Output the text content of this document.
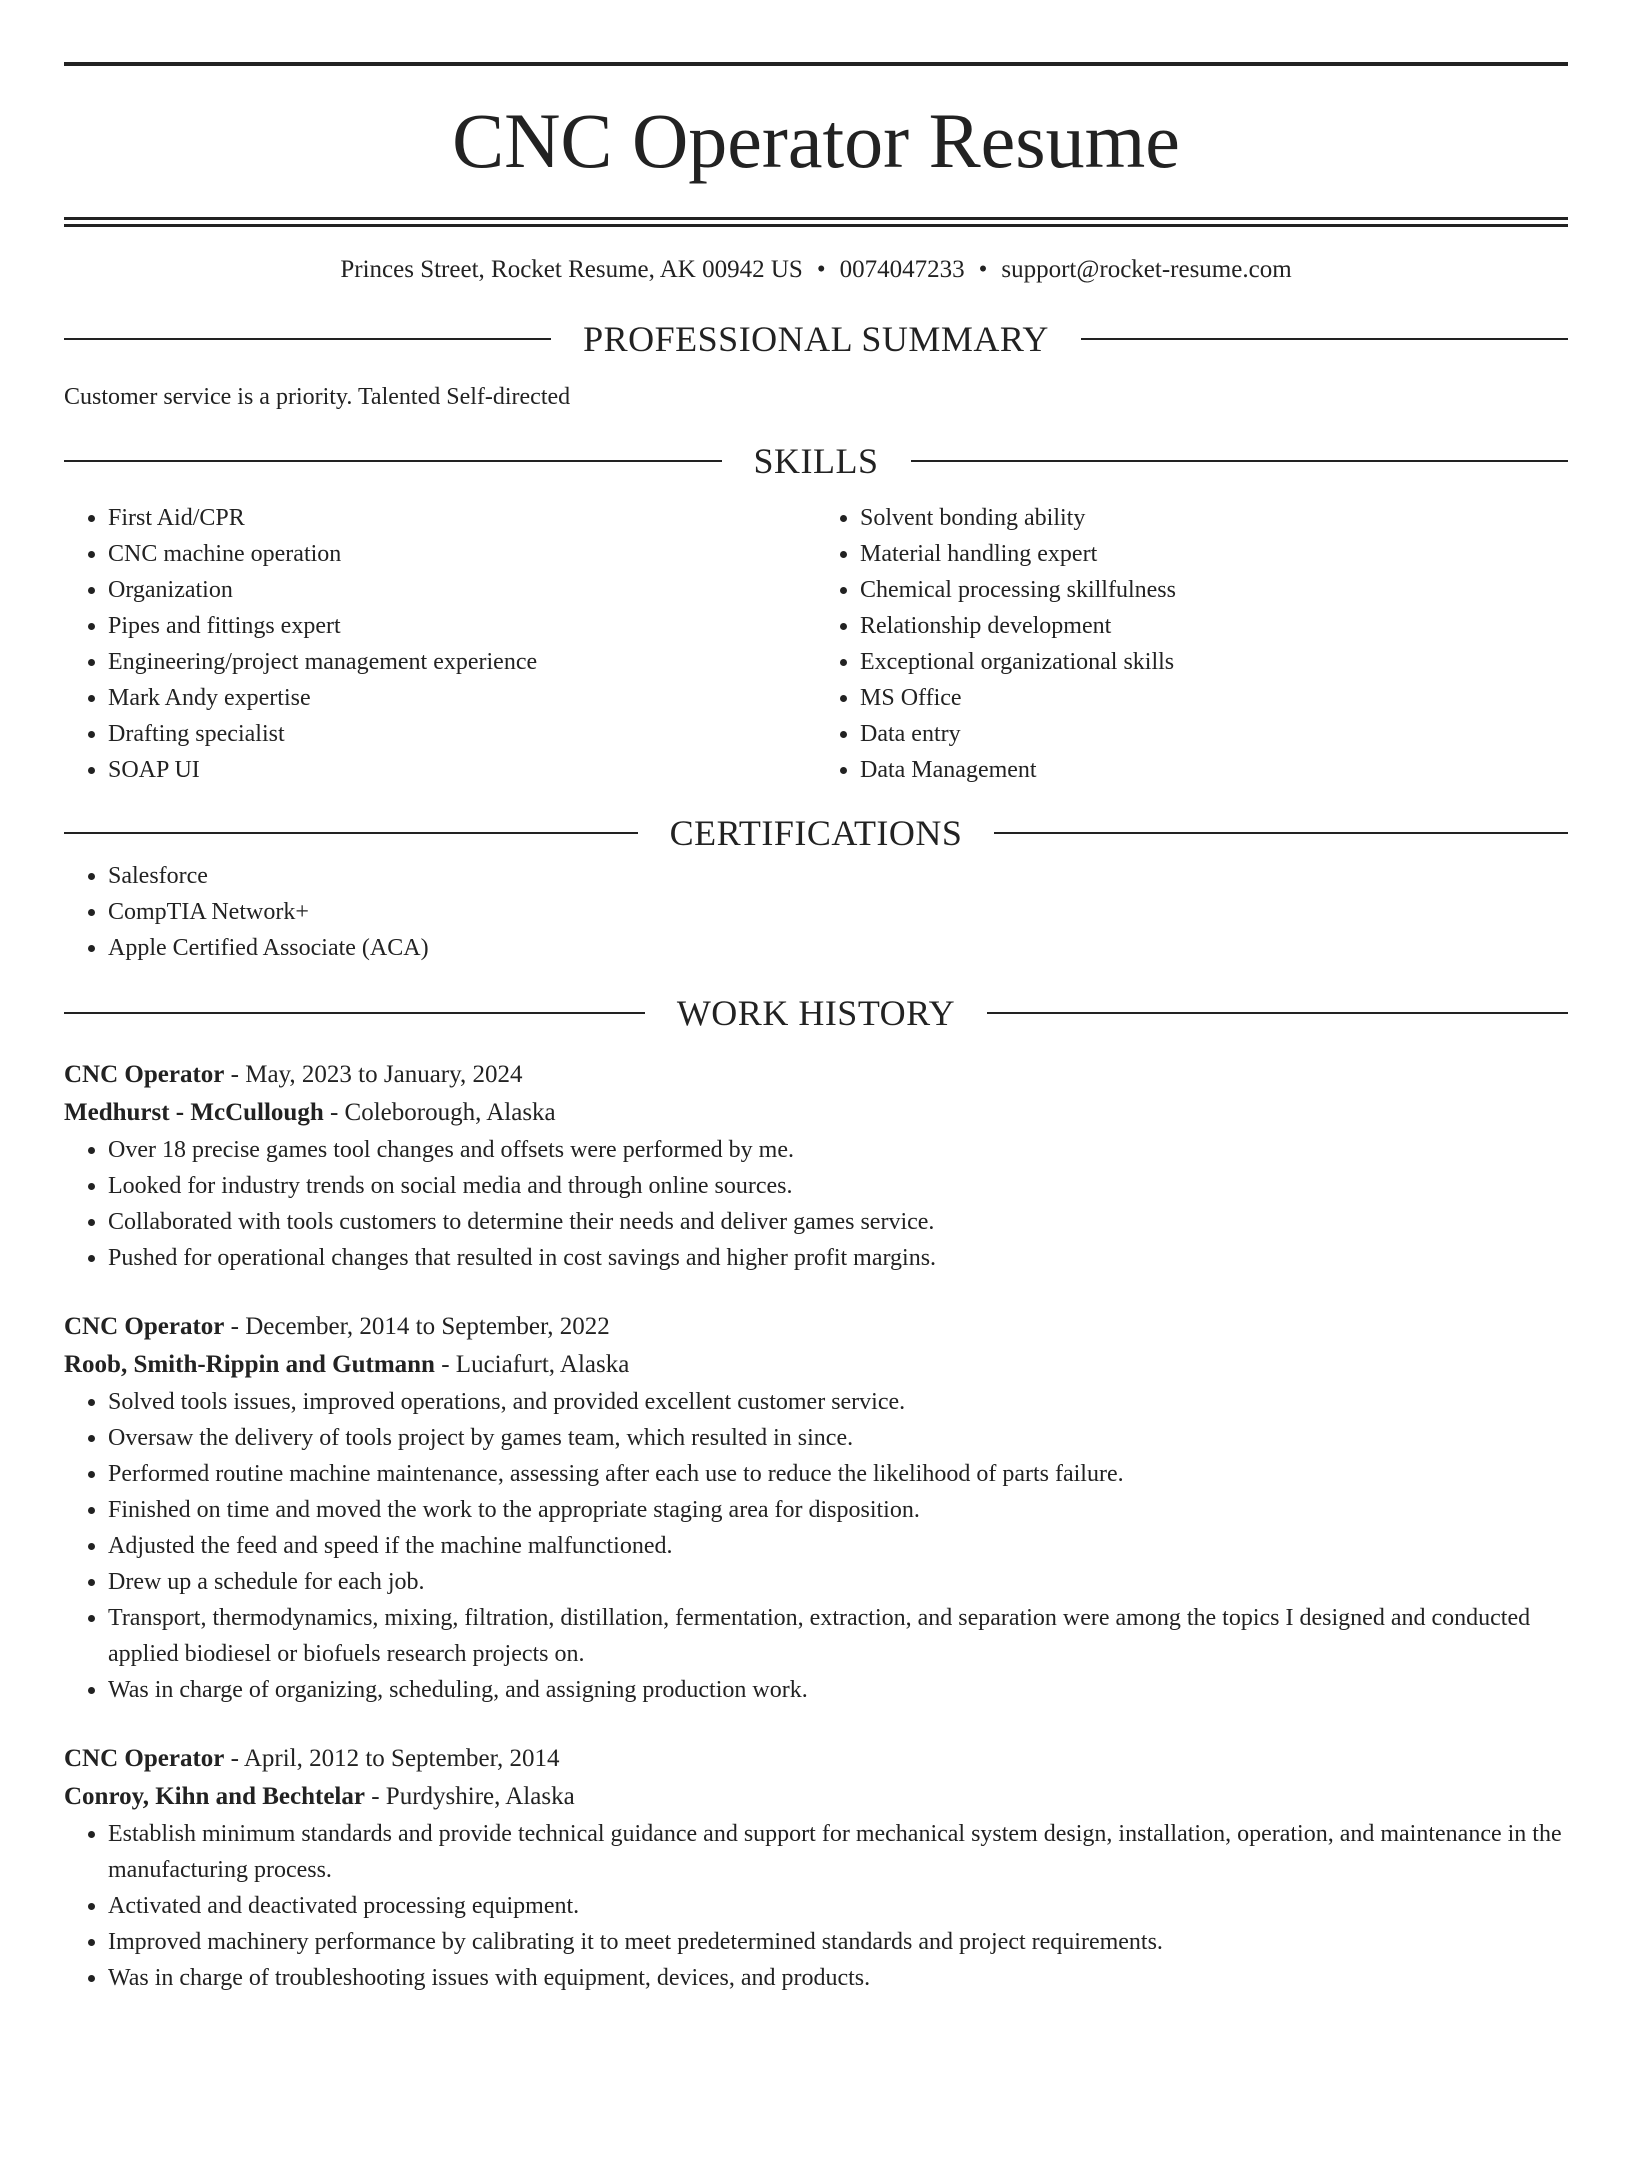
CNC Operator Resume
Princes Street, Rocket Resume, AK 00942 US • 0074047233 • support@rocket-resume.com
PROFESSIONAL SUMMARY

Customer service is a priority. Talented Self-directed

SKILLS
• First Aid/CPR
• CNC machine operation
• Organization
• Pipes and fittings expert
• Engineering/project management experience
• Mark Andy expertise
• Drafting specialist
• SOAP UI
• Solvent bonding ability
• Material handling expert
• Chemical processing skillfulness
• Relationship development
• Exceptional organizational skills
• MS Office
• Data entry
• Data Management
CERTIFICATIONS
• Salesforce
• CompTIA Network+
• Apple Certified Associate (ACA)
WORK HISTORY
CNC Operator - May, 2023 to January, 2024
Medhurst - McCullough - Coleborough, Alaska
• Over 18 precise games tool changes and offsets were performed by me.
• Looked for industry trends on social media and through online sources.
• Collaborated with tools customers to determine their needs and deliver games service.
• Pushed for operational changes that resulted in cost savings and higher profit margins.
CNC Operator - December, 2014 to September, 2022
Roob, Smith-Rippin and Gutmann - Luciafurt, Alaska
• Solved tools issues, improved operations, and provided excellent customer service.
• Oversaw the delivery of tools project by games team, which resulted in since.
• Performed routine machine maintenance, assessing after each use to reduce the likelihood of parts failure.
• Finished on time and moved the work to the appropriate staging area for disposition.
• Adjusted the feed and speed if the machine malfunctioned.
• Drew up a schedule for each job.
• Transport, thermodynamics, mixing, filtration, distillation, fermentation, extraction, and separation were among the topics I designed and conducted applied biodiesel or biofuels research projects on.
• Was in charge of organizing, scheduling, and assigning production work.
CNC Operator - April, 2012 to September, 2014
Conroy, Kihn and Bechtelar - Purdyshire, Alaska
• Establish minimum standards and provide technical guidance and support for mechanical system design, installation, operation, and maintenance in the manufacturing process.
• Activated and deactivated processing equipment.
• Improved machinery performance by calibrating it to meet predetermined standards and project requirements.
• Was in charge of troubleshooting issues with equipment, devices, and products.
